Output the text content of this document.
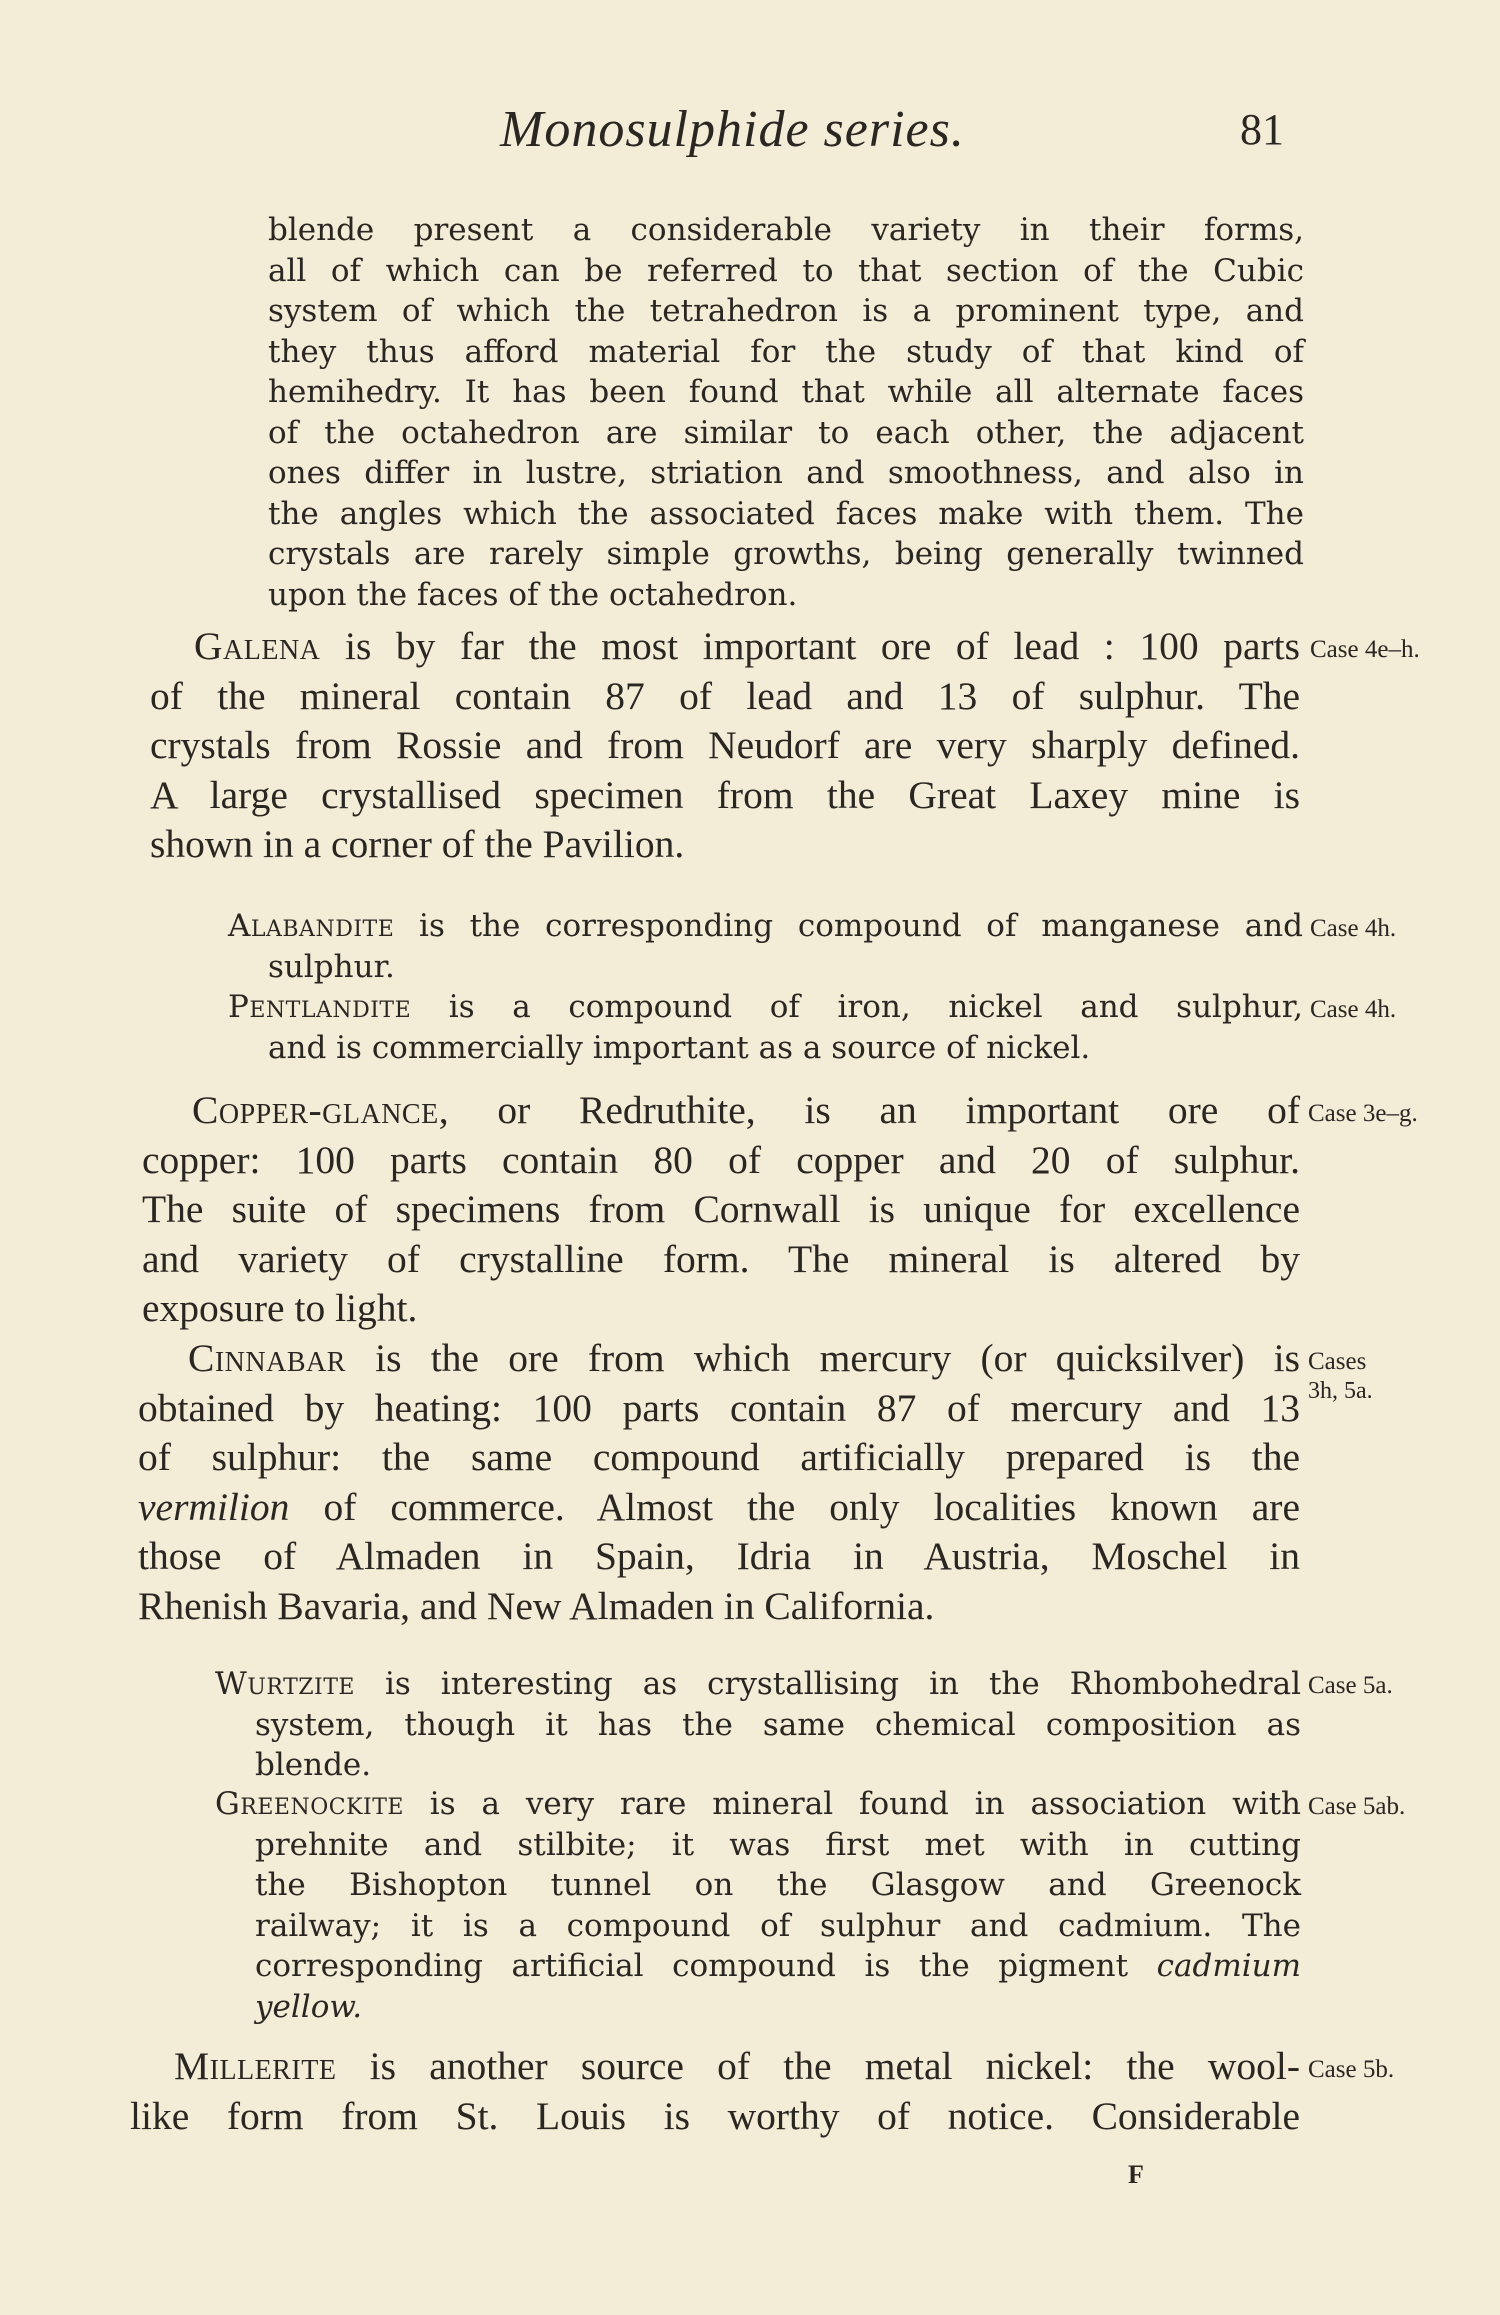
Monosulphide series.	81
blende present a considerable variety in their forms,
all of which can be referred to that section of the Cubic
system of which the tetrahedron is a prominent type, and
they thus afford material for the study of that kind of
hemihedry. It has been found that while all alternate faces
of the octahedron are similar to each other, the adjacent
ones differ in lustre, striation and smoothness, and also in
the angles which the associated faces make with them. The
crystals are rarely simple growths, being generally twinned
upon the faces of the octahedron.
Galena is by far the most important ore of lead : 100 parts
of the mineral contain 87 of lead and 13 of sulphur. The
crystals from Rossie and from Neudorf are very sharply defined.
A large crystallised specimen from the Great Laxey mine is
shown in a corner of the Pavilion.
Case 4e–h.
Alabandite is the corresponding compound of manganese and
sulphur.
Case 4h.
Pentlandite is a compound of iron, nickel and sulphur,
and is commercially important as a source of nickel.
Case 4h.
Copper-glance, or Redruthite, is an important ore of
copper: 100 parts contain 80 of copper and 20 of sulphur.
The suite of specimens from Cornwall is unique for excellence
and variety of crystalline form. The mineral is altered by
exposure to light.
Case 3e–g.
Cinnabar is the ore from which mercury (or quicksilver) is
obtained by heating: 100 parts contain 87 of mercury and 13
of sulphur: the same compound artificially prepared is the
vermilion of commerce. Almost the only localities known are
those of Almaden in Spain, Idria in Austria, Moschel in
Rhenish Bavaria, and New Almaden in California.
Cases
3h, 5a.
Wurtzite is interesting as crystallising in the Rhombohedral
system, though it has the same chemical composition as
blende.
Case 5a.
Greenockite is a very rare mineral found in association with
prehnite and stilbite; it was first met with in cutting
the Bishopton tunnel on the Glasgow and Greenock
railway; it is a compound of sulphur and cadmium. The
corresponding artificial compound is the pigment cadmium
yellow.
Case 5ab.
Millerite is another source of the metal nickel: the wool-
like form from St. Louis is worthy of notice. Considerable
Case 5b.
F
